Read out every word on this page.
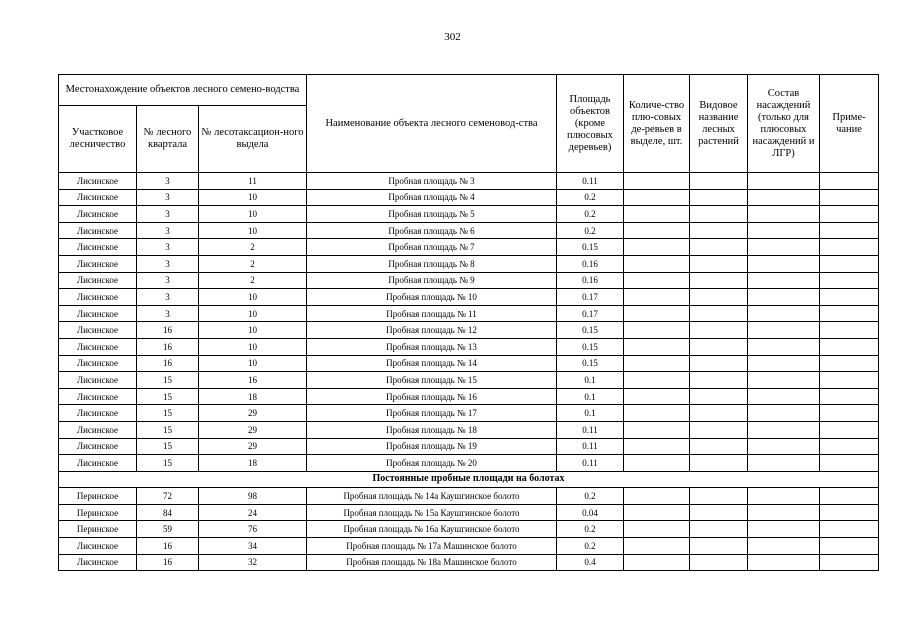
302
Местонахождение объектов лесного семено-водства			Наименование объекта лесного семеновод-ства	Площадь объектов (кроме плюсовых деревьев)	Количе-ство плю-совых де-ревьев в выделе, шт.	Видовое название лесных растений	Состав насаждений (только для плюсовых насаждений и ЛГР)	Приме-чание
Участковое лесничество	№ лесного квартала	№ лесотаксацион-ного выдела						
Лисинское	3	11	Пробная площадь № 3	0.11				
Лисинское	3	10	Пробная площадь № 4	0.2				
Лисинское	3	10	Пробная площадь № 5	0.2				
Лисинское	3	10	Пробная площадь № 6	0.2				
Лисинское	3	2	Пробная площадь № 7	0.15				
Лисинское	3	2	Пробная площадь № 8	0.16				
Лисинское	3	2	Пробная площадь № 9	0.16				
Лисинское	3	10	Пробная площадь № 10	0.17				
Лисинское	3	10	Пробная площадь № 11	0.17				
Лисинское	16	10	Пробная площадь № 12	0.15				
Лисинское	16	10	Пробная площадь № 13	0.15				
Лисинское	16	10	Пробная площадь № 14	0.15				
Лисинское	15	16	Пробная площадь № 15	0.1				
Лисинское	15	18	Пробная площадь № 16	0.1				
Лисинское	15	29	Пробная площадь № 17	0.1				
Лисинское	15	29	Пробная площадь № 18	0.11				
Лисинское	15	29	Пробная площадь № 19	0.11				
Лисинское	15	18	Пробная площадь № 20	0.11				
Постоянные пробные площади на болотах								
Перинское	72	98	Пробная площадь № 14а Каушгинское болото	0.2				
Перинское	84	24	Пробная площадь № 15а Каушгинское болото	0.04				
Перинское	59	76	Пробная площадь № 16а Каушгинское болото	0.2				
Лисинское	16	34	Пробная площадь № 17а Машинское болото	0.2				
Лисинское	16	32	Пробная площадь № 18а Машинское болото	0.4				
